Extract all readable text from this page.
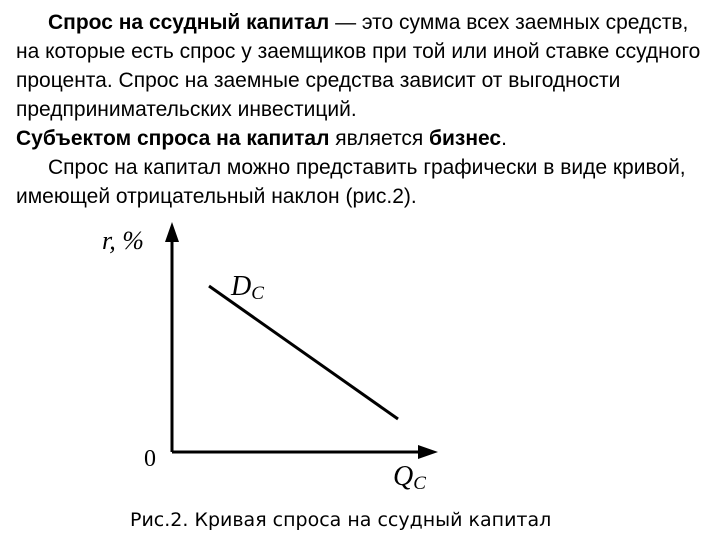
Спрос на ссудный капитал — это сумма всех заемных средств, на которые есть спрос у заемщиков при той или иной ставке ссудного процента. Спрос на заемные средства зависит от выгодности предпринимательских инвестиций.

Субъектом спроса на капитал является бизнес.

Спрос на капитал можно представить графически в виде кривой, имеющей отрицательный наклон (рис.2).

r, %
0
DC
QC
Рис.2. Кривая спроса на ссудный капитал
